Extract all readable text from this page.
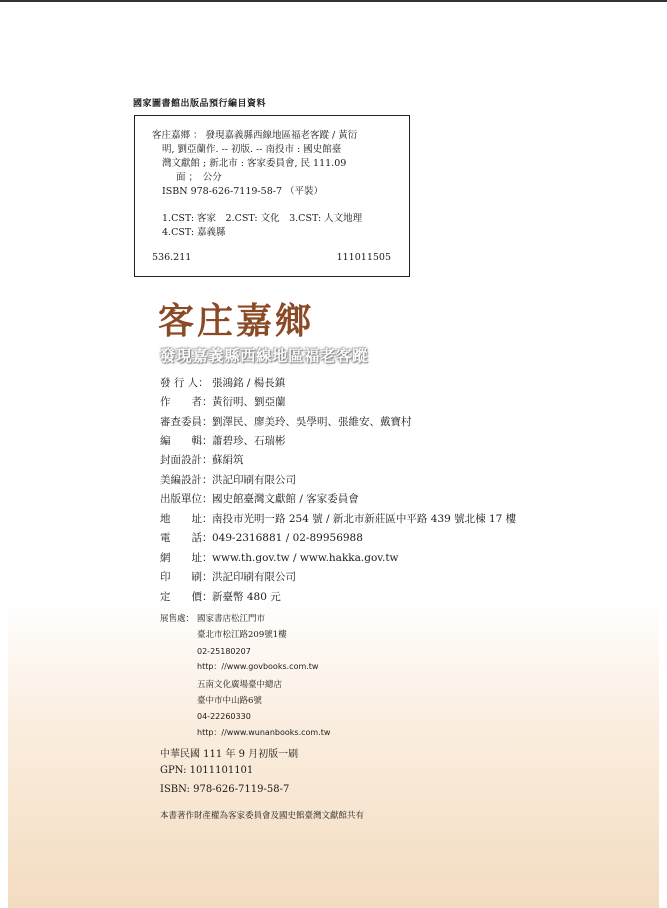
國家圖書館出版品預行編目資料
客庄嘉鄉 ： 發現嘉義縣西線地區福老客蹤 / 黃衍
明, 劉亞蘭作. -- 初版. -- 南投市 : 國史館臺
灣文獻館 ; 新北市 : 客家委員會, 民 111.09
面 ；　公分
ISBN 978-626-7119-58-7 （平裝）
1.CST: 客家　2.CST: 文化　3.CST: 人文地理
4.CST: 嘉義縣
536.211	111011505
客庄嘉鄉
發現嘉義縣西線地區福老客蹤
發 行 人： 張鴻銘 / 楊長鎮
作　　者：黃衍明、劉亞蘭
審查委員：劉澤民、廖美玲、吳學明、張維安、戴寶村
編　　輯：蕭碧珍、石瑞彬
封面設計：蘇絹筑
美編設計：洪記印刷有限公司
出版單位：國史館臺灣文獻館 / 客家委員會
地　　址：南投市光明一路 254 號 / 新北市新莊區中平路 439 號北棟 17 樓
電　　話：049-2316881 / 02-89956988
網　　址：www.th.gov.tw / www.hakka.gov.tw
印　　刷：洪記印刷有限公司
定　　價：新臺幣 480 元
展售處： 國家書店松江門市
臺北市松江路209號1樓
02-25180207
http：//www.govbooks.com.tw
五南文化廣場臺中總店
臺中市中山路6號
04-22260330
http：//www.wunanbooks.com.tw
中華民國 111 年 9 月初版一刷
GPN: 1011101101
ISBN: 978-626-7119-58-7
本書著作財產權為客家委員會及國史館臺灣文獻館共有
